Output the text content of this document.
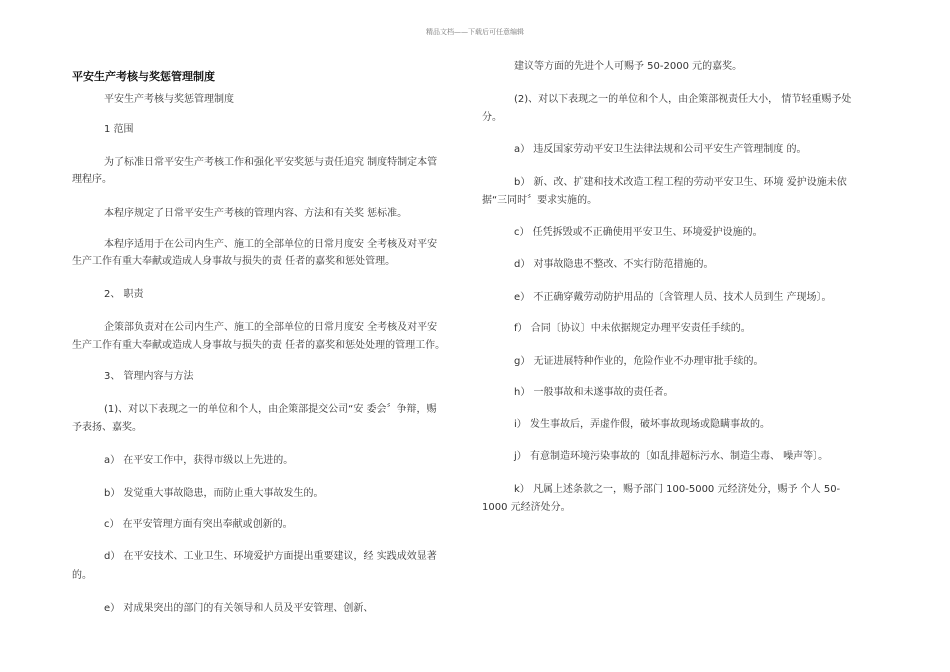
精品文档——下载后可任意编辑
平安生产考核与奖惩管理制度
平安生产考核与奖惩管理制度
1 范围
为了标准日常平安生产考核工作和强化平安奖惩与责任追究 制度特制定本管
理程序。
本程序规定了日常平安生产考核的管理内容、方法和有关奖 惩标准。
本程序适用于在公司内生产、施工的全部单位的日常月度安 全考核及对平安
生产工作有重大奉献或造成人身事故与损失的责 任者的嘉奖和惩处管理。
2、 职责
企策部负责对在公司内生产、施工的全部单位的日常月度安 全考核及对平安
生产工作有重大奉献或造成人身事故与损失的责 任者的嘉奖和惩处处理的管理工作。
3、 管理内容与方法
(1)、对以下表现之一的单位和个人，由企策部提交公司“安 委会〞争辩，赐
予表扬、嘉奖。
a） 在平安工作中，获得市级以上先进的。
b） 发觉重大事故隐患，而防止重大事故发生的。
c） 在平安管理方面有突出奉献或创新的。
d） 在平安技术、工业卫生、环境爱护方面提出重要建议，经 实践成效显著
的。
e） 对成果突出的部门的有关领导和人员及平安管理、创新、
建议等方面的先进个人可赐予 50-2000 元的嘉奖。
(2)、对以下表现之一的单位和个人，由企策部视责任大小， 情节轻重赐予处
分。
a） 违反国家劳动平安卫生法律法规和公司平安生产管理制度 的。
b） 新、改、扩建和技术改造工程工程的劳动平安卫生、环境 爱护设施未依
据“三同时〞要求实施的。
c） 任凭拆毁或不正确使用平安卫生、环境爱护设施的。
d） 对事故隐患不整改、不实行防范措施的。
e） 不正确穿戴劳动防护用品的〔含管理人员、技术人员到生 产现场〕。
f） 合同〔协议〕中未依据规定办理平安责任手续的。
g） 无证进展特种作业的，危险作业不办理审批手续的。
h） 一般事故和未遂事故的责任者。
i） 发生事故后，弄虚作假，破坏事故现场或隐瞒事故的。
j） 有意制造环境污染事故的〔如乱排超标污水、制造尘毒、 噪声等〕。
k） 凡属上述条款之一，赐予部门 100-5000 元经济处分，赐予 个人 50-
1000 元经济处分。
